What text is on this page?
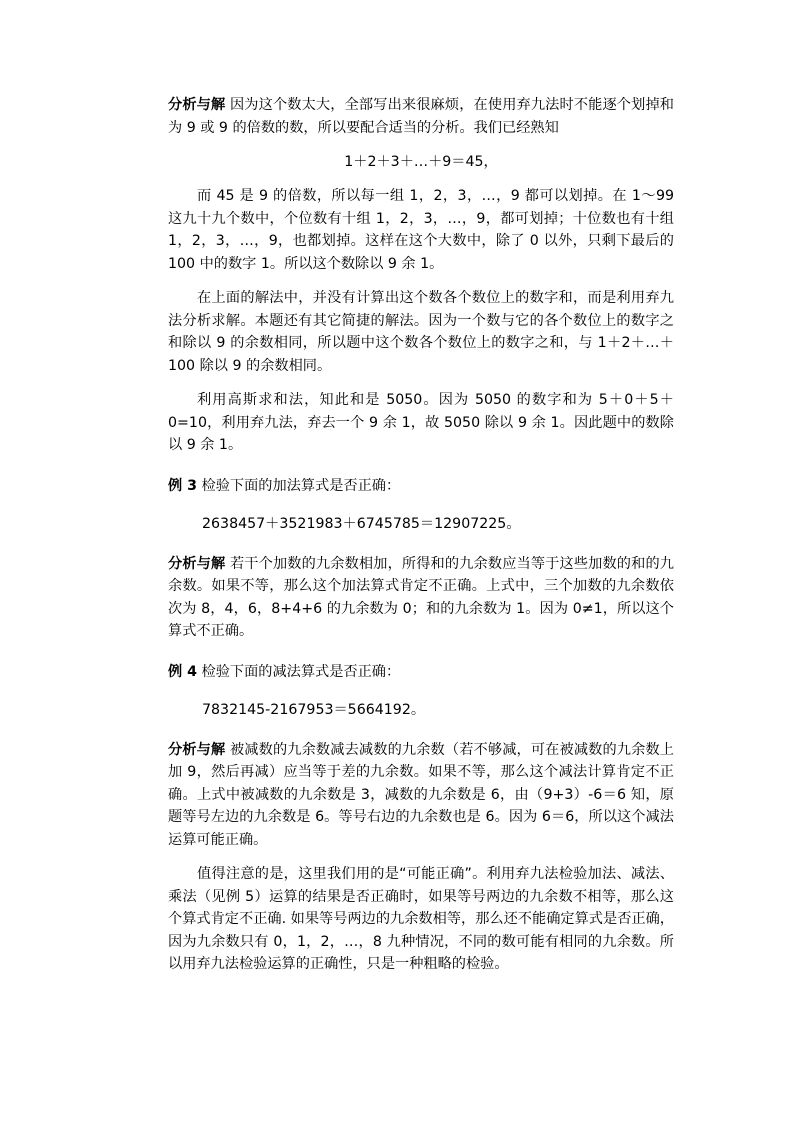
分析与解 因为这个数太大，全部写出来很麻烦，在使用弃九法时不能逐个划掉和为 9 或 9 的倍数的数，所以要配合适当的分析。我们已经熟知

1＋2＋3＋…＋9＝45，

而 45 是 9 的倍数，所以每一组 1，2，3，…，9 都可以划掉。在 1～99 这九十九个数中，个位数有十组 1，2，3，…，9，都可划掉；十位数也有十组 1，2，3，…，9，也都划掉。这样在这个大数中，除了 0 以外，只剩下最后的 100 中的数字 1。所以这个数除以 9 余 1。

在上面的解法中，并没有计算出这个数各个数位上的数字和，而是利用弃九法分析求解。本题还有其它简捷的解法。因为一个数与它的各个数位上的数字之和除以 9 的余数相同，所以题中这个数各个数位上的数字之和，与 1＋2＋…＋100 除以 9 的余数相同。

利用高斯求和法，知此和是 5050。因为 5050 的数字和为 5＋0＋5＋0=10，利用弃九法，弃去一个 9 余 1，故 5050 除以 9 余 1。因此题中的数除以 9 余 1。

例 3 检验下面的加法算式是否正确：

2638457＋3521983＋6745785＝12907225。

分析与解 若干个加数的九余数相加，所得和的九余数应当等于这些加数的和的九余数。如果不等，那么这个加法算式肯定不正确。上式中，三个加数的九余数依次为 8，4，6，8+4+6 的九余数为 0；和的九余数为 1。因为 0≠1，所以这个算式不正确。

例 4 检验下面的减法算式是否正确：

7832145-2167953＝5664192。

分析与解 被减数的九余数减去减数的九余数（若不够减，可在被减数的九余数上加 9，然后再减）应当等于差的九余数。如果不等，那么这个减法计算肯定不正确。上式中被减数的九余数是 3，减数的九余数是 6，由（9+3）-6＝6 知，原题等号左边的九余数是 6。等号右边的九余数也是 6。因为 6＝6，所以这个减法运算可能正确。

值得注意的是，这里我们用的是“可能正确”。利用弃九法检验加法、减法、乘法（见例 5）运算的结果是否正确时，如果等号两边的九余数不相等，那么这个算式肯定不正确. 如果等号两边的九余数相等，那么还不能确定算式是否正确，因为九余数只有 0，1，2，…，8 九种情况，不同的数可能有相同的九余数。所以用弃九法检验运算的正确性，只是一种粗略的检验。
